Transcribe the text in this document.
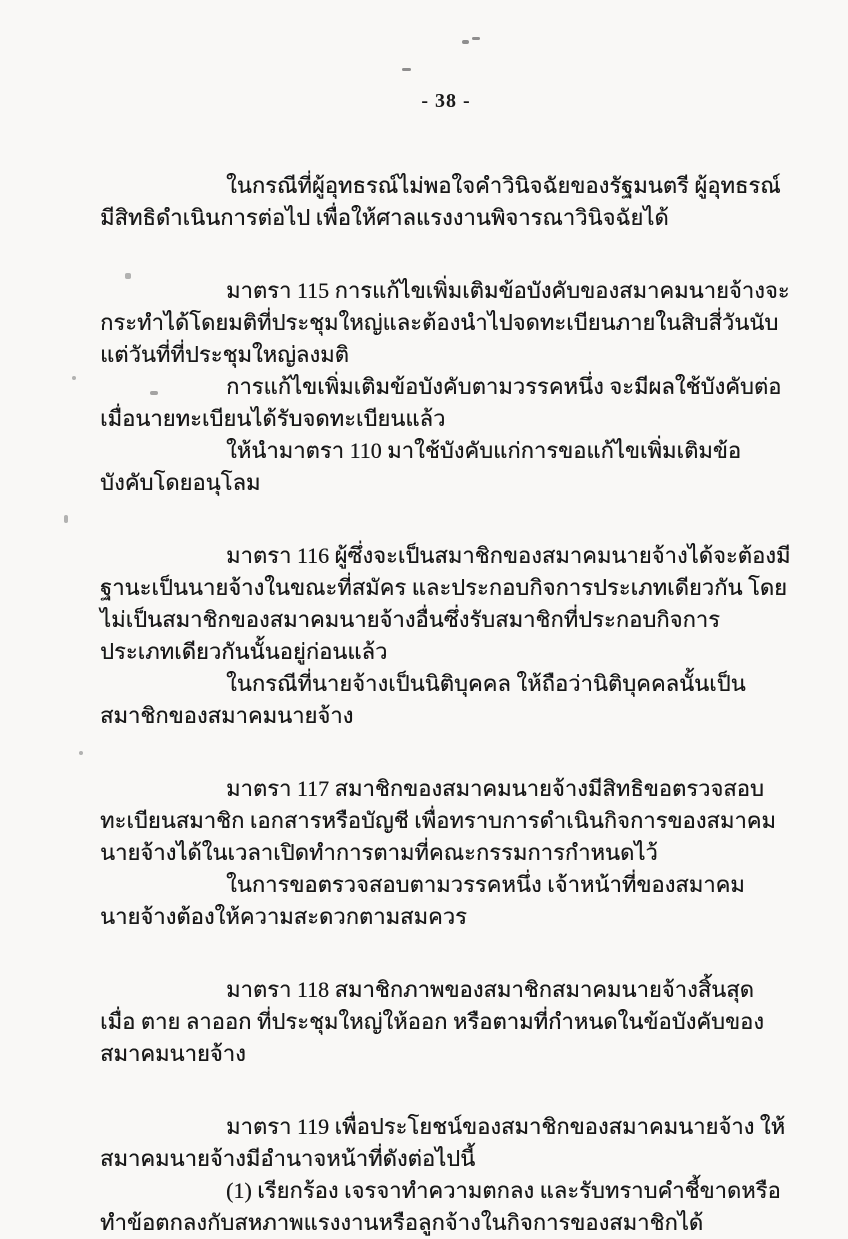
- 38 -

ในกรณีที่ผู้อุทธรณ์ไม่พอใจคำวินิจฉัยของรัฐมนตรี ผู้อุทธรณ์มีสิทธิดำเนินการต่อไป เพื่อให้ศาลแรงงานพิจารณาวินิจฉัยได้

มาตรา 115 การแก้ไขเพิ่มเติมข้อบังคับของสมาคมนายจ้างจะกระทำได้โดยมติที่ประชุมใหญ่และต้องนำไปจดทะเบียนภายในสิบสี่วันนับแต่วันที่ที่ประชุมใหญ่ลงมติ

การแก้ไขเพิ่มเติมข้อบังคับตามวรรคหนึ่ง จะมีผลใช้บังคับต่อเมื่อนายทะเบียนได้รับจดทะเบียนแล้ว

ให้นำมาตรา 110 มาใช้บังคับแก่การขอแก้ไขเพิ่มเติมข้อบังคับโดยอนุโลม

มาตรา 116 ผู้ซึ่งจะเป็นสมาชิกของสมาคมนายจ้างได้จะต้องมีฐานะเป็นนายจ้างในขณะที่สมัคร และประกอบกิจการประเภทเดียวกัน โดยไม่เป็นสมาชิกของสมาคมนายจ้างอื่นซึ่งรับสมาชิกที่ประกอบกิจการประเภทเดียวกันนั้นอยู่ก่อนแล้ว

ในกรณีที่นายจ้างเป็นนิติบุคคล ให้ถือว่านิติบุคคลนั้นเป็นสมาชิกของสมาคมนายจ้าง

มาตรา 117 สมาชิกของสมาคมนายจ้างมีสิทธิขอตรวจสอบทะเบียนสมาชิก เอกสารหรือบัญชี เพื่อทราบการดำเนินกิจการของสมาคมนายจ้างได้ในเวลาเปิดทำการตามที่คณะกรรมการกำหนดไว้

ในการขอตรวจสอบตามวรรคหนึ่ง เจ้าหน้าที่ของสมาคมนายจ้างต้องให้ความสะดวกตามสมควร

มาตรา 118 สมาชิกภาพของสมาชิกสมาคมนายจ้างสิ้นสุด เมื่อ ตาย ลาออก ที่ประชุมใหญ่ให้ออก หรือตามที่กำหนดในข้อบังคับของสมาคมนายจ้าง

มาตรา 119 เพื่อประโยชน์ของสมาชิกของสมาคมนายจ้าง ให้สมาคมนายจ้างมีอำนาจหน้าที่ดังต่อไปนี้

(1) เรียกร้อง เจรจาทำความตกลง และรับทราบคำชี้ขาดหรือทำข้อตกลงกับสหภาพแรงงานหรือลูกจ้างในกิจการของสมาชิกได้
